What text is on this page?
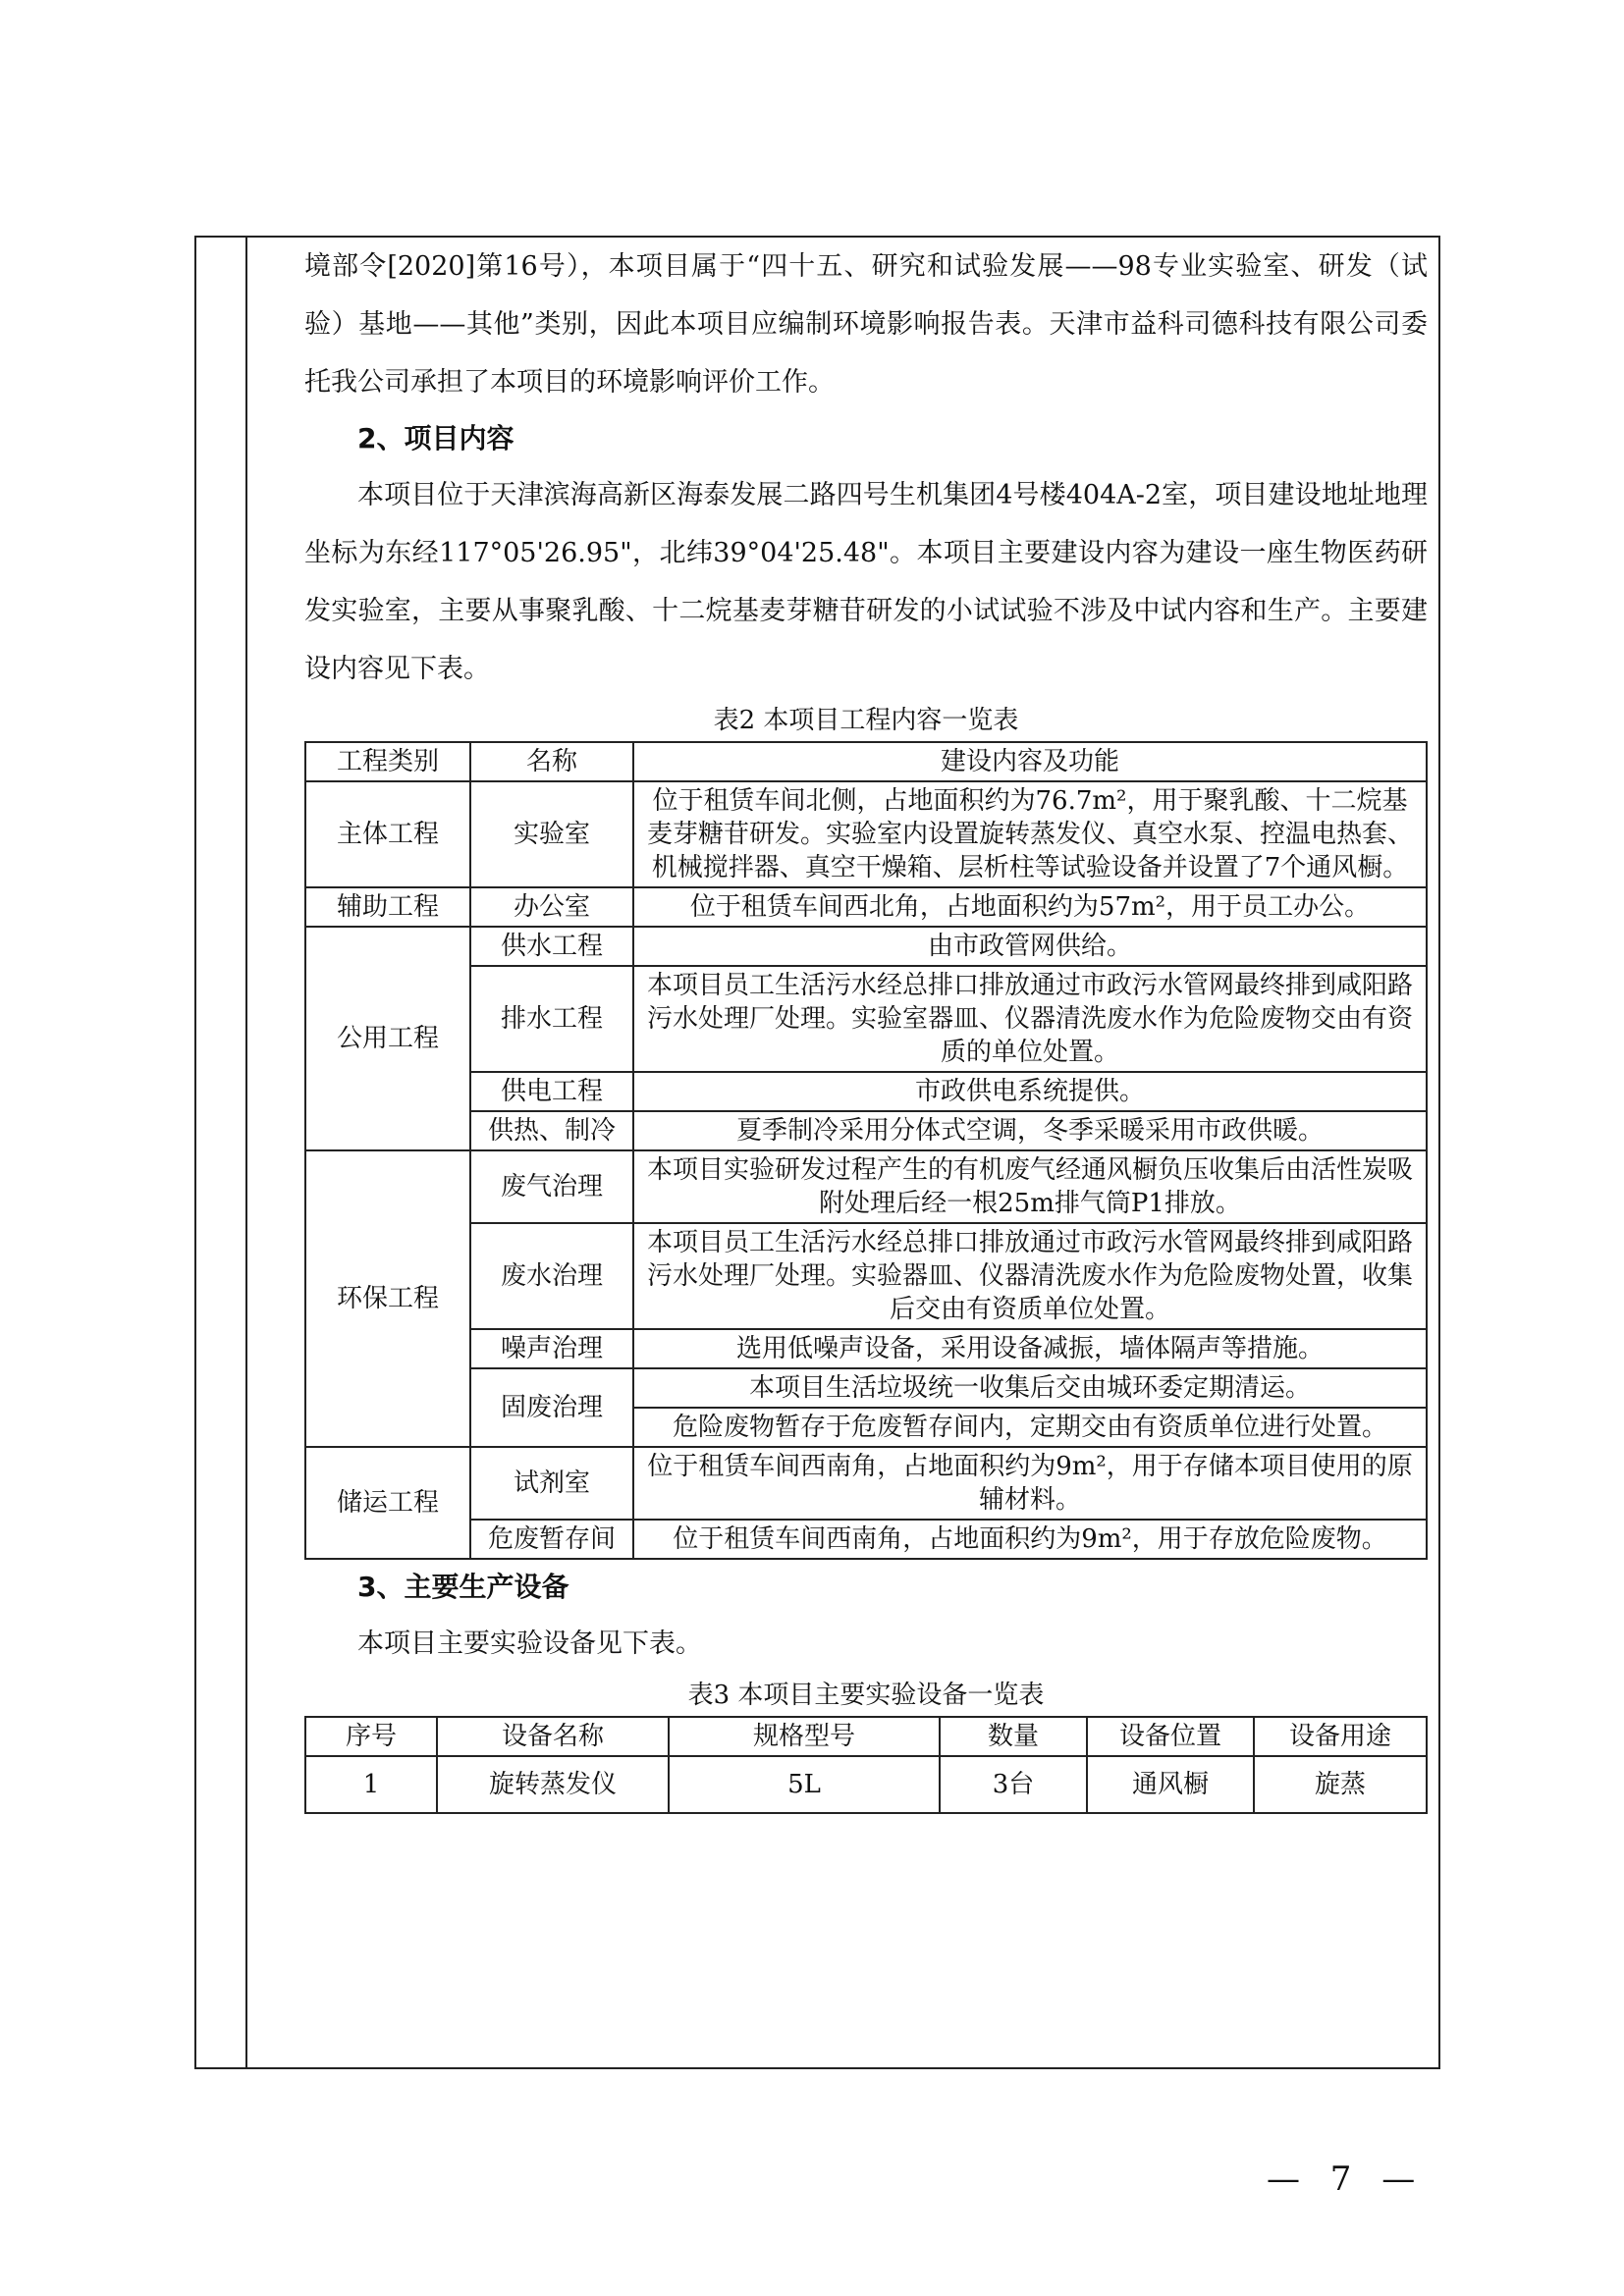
境部令[2020]第16号），本项目属于“四十五、研究和试验发展——98专业实验室、研发（试验）基地——其他”类别，因此本项目应编制环境影响报告表。天津市益科司德科技有限公司委托我公司承担了本项目的环境影响评价工作。

2、项目内容

本项目位于天津滨海高新区海泰发展二路四号生机集团4号楼404A-2室，项目建设地址地理坐标为东经117°05'26.95"，北纬39°04'25.48"。本项目主要建设内容为建设一座生物医药研发实验室，主要从事聚乳酸、十二烷基麦芽糖苷研发的小试试验不涉及中试内容和生产。主要建设内容见下表。

表2 本项目工程内容一览表

工程类别	名称	建设内容及功能
主体工程	实验室	位于租赁车间北侧，占地面积约为76.7m²，用于聚乳酸、十二烷基麦芽糖苷研发。实验室内设置旋转蒸发仪、真空水泵、控温电热套、机械搅拌器、真空干燥箱、层析柱等试验设备并设置了7个通风橱。
辅助工程	办公室	位于租赁车间西北角，占地面积约为57m²，用于员工办公。
公用工程	供水工程	由市政管网供给。
	排水工程	本项目员工生活污水经总排口排放通过市政污水管网最终排到咸阳路污水处理厂处理。实验室器皿、仪器清洗废水作为危险废物交由有资质的单位处置。
	供电工程	市政供电系统提供。
	供热、制冷	夏季制冷采用分体式空调，冬季采暖采用市政供暖。
环保工程	废气治理	本项目实验研发过程产生的有机废气经通风橱负压收集后由活性炭吸附处理后经一根25m排气筒P1排放。
	废水治理	本项目员工生活污水经总排口排放通过市政污水管网最终排到咸阳路污水处理厂处理。实验器皿、仪器清洗废水作为危险废物处置，收集后交由有资质单位处置。
	噪声治理	选用低噪声设备，采用设备减振，墙体隔声等措施。
	固废治理	本项目生活垃圾统一收集后交由城环委定期清运。
		危险废物暂存于危废暂存间内，定期交由有资质单位进行处置。
储运工程	试剂室	位于租赁车间西南角，占地面积约为9m²，用于存储本项目使用的原辅材料。
	危废暂存间	位于租赁车间西南角，占地面积约为9m²，用于存放危险废物。

3、主要生产设备

本项目主要实验设备见下表。

表3 本项目主要实验设备一览表

序号	设备名称	规格型号	数量	设备位置	设备用途
1	旋转蒸发仪	5L	3台	通风橱	旋蒸
— 7 —
